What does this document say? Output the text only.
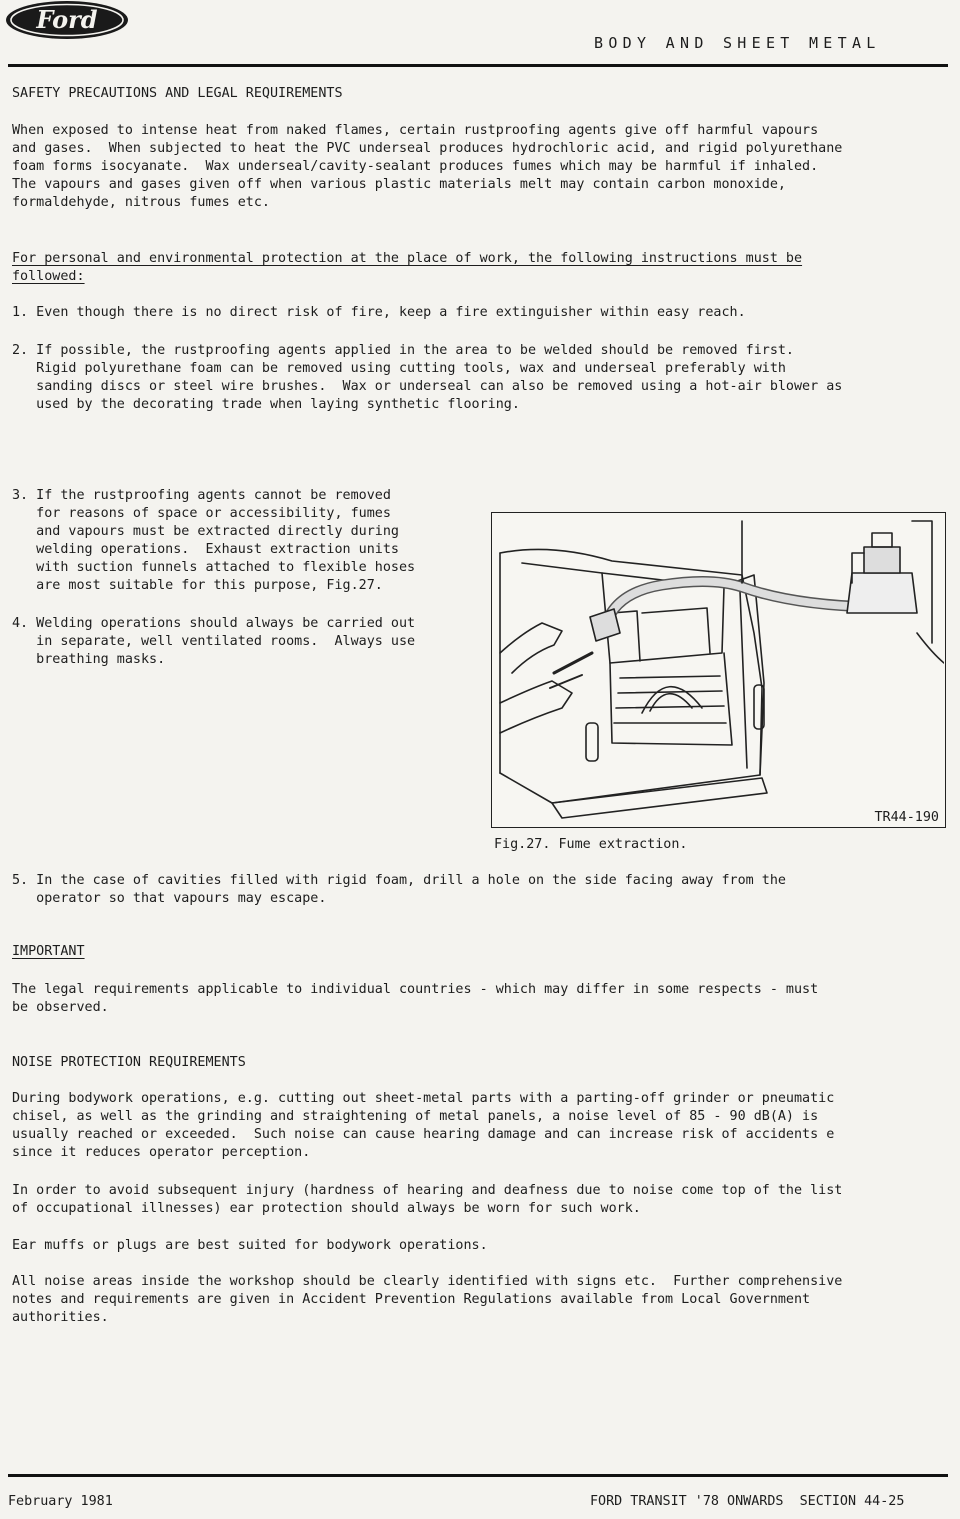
Ford
BODY AND SHEET METAL
SAFETY PRECAUTIONS AND LEGAL REQUIREMENTS
When exposed to intense heat from naked flames, certain rustproofing agents give off harmful vapours
and gases.  When subjected to heat the PVC underseal produces hydrochloric acid, and rigid polyurethane
foam forms isocyanate.  Wax underseal/cavity-sealant produces fumes which may be harmful if inhaled.
The vapours and gases given off when various plastic materials melt may contain carbon monoxide,
formaldehyde, nitrous fumes etc.
For personal and environmental protection at the place of work, the following instructions must be
followed:
1. Even though there is no direct risk of fire, keep a fire extinguisher within easy reach.
2. If possible, the rustproofing agents applied in the area to be welded should be removed first.
Rigid polyurethane foam can be removed using cutting tools, wax and underseal preferably with
sanding discs or steel wire brushes.  Wax or underseal can also be removed using a hot-air blower as
used by the decorating trade when laying synthetic flooring.
3. If the rustproofing agents cannot be removed
for reasons of space or accessibility, fumes
and vapours must be extracted directly during
welding operations.  Exhaust extraction units
with suction funnels attached to flexible hoses
are most suitable for this purpose, Fig.27.
4. Welding operations should always be carried out
in separate, well ventilated rooms.  Always use
breathing masks.
TR44-190
Fig.27. Fume extraction.
5. In the case of cavities filled with rigid foam, drill a hole on the side facing away from the
operator so that vapours may escape.
IMPORTANT
The legal requirements applicable to individual countries - which may differ in some respects - must
be observed.
NOISE PROTECTION REQUIREMENTS
During bodywork operations, e.g. cutting out sheet-metal parts with a parting-off grinder or pneumatic
chisel, as well as the grinding and straightening of metal panels, a noise level of 85 - 90 dB(A) is
usually reached or exceeded.  Such noise can cause hearing damage and can increase risk of accidents e
since it reduces operator perception.
In order to avoid subsequent injury (hardness of hearing and deafness due to noise come top of the list
of occupational illnesses) ear protection should always be worn for such work.
Ear muffs or plugs are best suited for bodywork operations.
All noise areas inside the workshop should be clearly identified with signs etc.  Further comprehensive
notes and requirements are given in Accident Prevention Regulations available from Local Government
authorities.
February 1981	FORD TRANSIT '78 ONWARDS  SECTION 44-25
